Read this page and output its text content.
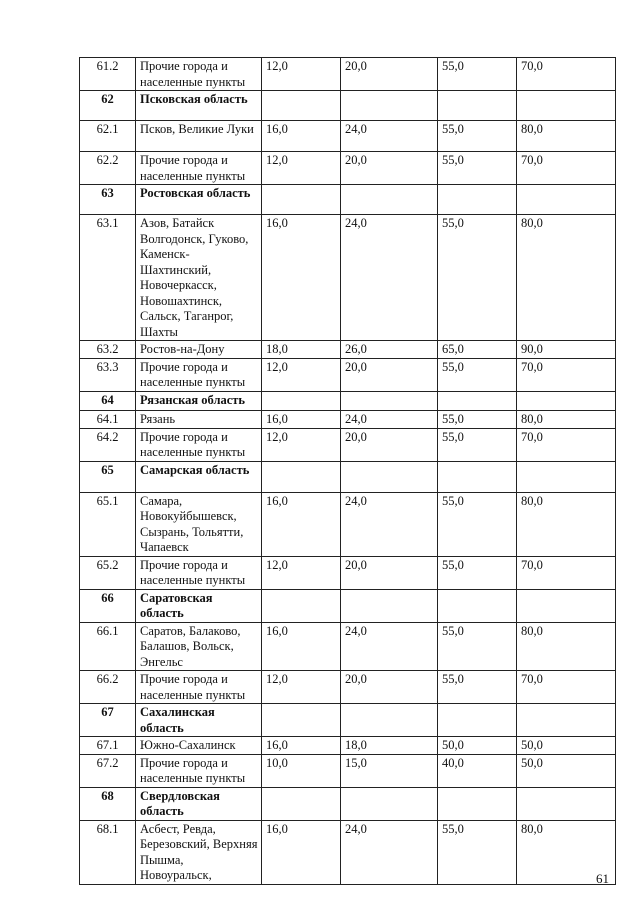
61.2	Прочие города и населенные пункты	12,0	20,0	55,0	70,0
62	Псковская область				
62.1	Псков, Великие Луки	16,0	24,0	55,0	80,0
62.2	Прочие города и населенные пункты	12,0	20,0	55,0	70,0
63	Ростовская область				
63.1	Азов, Батайск Волгодонск, Гуково, Каменск-Шахтинский, Новочеркасск, Новошахтинск, Сальск, Таганрог, Шахты	16,0	24,0	55,0	80,0
63.2	Ростов-на-Дону	18,0	26,0	65,0	90,0
63.3	Прочие города и населенные пункты	12,0	20,0	55,0	70,0
64	Рязанская область				
64.1	Рязань	16,0	24,0	55,0	80,0
64.2	Прочие города и населенные пункты	12,0	20,0	55,0	70,0
65	Самарская область				
65.1	Самара, Новокуйбышевск, Сызрань, Тольятти, Чапаевск	16,0	24,0	55,0	80,0
65.2	Прочие города и населенные пункты	12,0	20,0	55,0	70,0
66	Саратовская область				
66.1	Саратов, Балаково, Балашов, Вольск, Энгельс	16,0	24,0	55,0	80,0
66.2	Прочие города и населенные пункты	12,0	20,0	55,0	70,0
67	Сахалинская область				
67.1	Южно-Сахалинск	16,0	18,0	50,0	50,0
67.2	Прочие города и населенные пункты	10,0	15,0	40,0	50,0
68	Свердловская область				
68.1	Асбест, Ревда, Березовский, Верхняя Пышма, Новоуральск,	16,0	24,0	55,0	80,0
61
